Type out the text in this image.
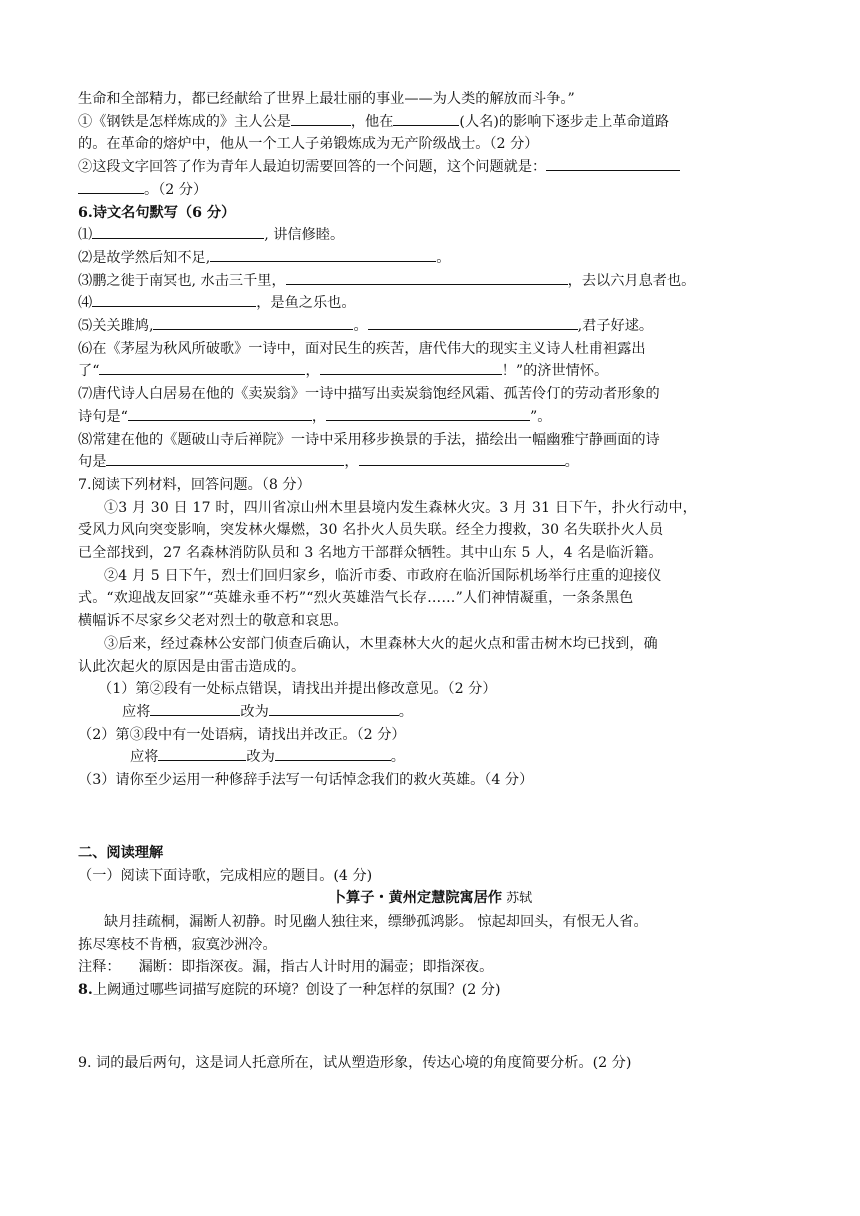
生命和全部精力，都已经献给了世界上最壮丽的事业——为人类的解放而斗争。”
①《钢铁是怎样炼成的》主人公是	，他在	(人名)的影响下逐步走上革命道路
的。在革命的熔炉中，他从一个工人子弟锻炼成为无产阶级战士。（2 分）
②这段文字回答了作为青年人最迫切需要回答的一个问题，这个问题就是：
。（2 分）
6.诗文名句默写（6 分）
⑴	, 讲信修睦。
⑵是故学然后知不足,	。
⑶鹏之徙于南冥也, 水击三千里，	，去以六月息者也。
⑷	，是鱼之乐也。
⑸关关雎鸠,	。	,君子好逑。
⑹在《茅屋为秋风所破歌》一诗中，面对民生的疾苦，唐代伟大的现实主义诗人杜甫袒露出
了“	，	！”的济世情怀。
⑺唐代诗人白居易在他的《卖炭翁》一诗中描写出卖炭翁饱经风霜、孤苦伶仃的劳动者形象的
诗句是“	，	”。
⑻常建在他的《题破山寺后禅院》一诗中采用移步换景的手法，描绘出一幅幽雅宁静画面的诗
句是	，	。
7.阅读下列材料，回答问题。（8 分）
①3 月 30 日 17 时，四川省凉山州木里县境内发生森林火灾。3 月 31 日下午，扑火行动中，
受风力风向突变影响，突发林火爆燃，30 名扑火人员失联。经全力搜救，30 名失联扑火人员
已全部找到，27 名森林消防队员和 3 名地方干部群众牺牲。其中山东 5 人，4 名是临沂籍。
②4 月 5 日下午，烈士们回归家乡，临沂市委、市政府在临沂国际机场举行庄重的迎接仪
式。“欢迎战友回家”“英雄永垂不朽”“烈火英雄浩气长存……”人们神情凝重，一条条黑色
横幅诉不尽家乡父老对烈士的敬意和哀思。
③后来，经过森林公安部门侦查后确认，木里森林大火的起火点和雷击树木均已找到，确
认此次起火的原因是由雷击造成的。
（1）第②段有一处标点错误，请找出并提出修改意见。（2 分）
应将	改为	。
（2）第③段中有一处语病，请找出并改正。（2 分）
应将	改为	。
（3）请你至少运用一种修辞手法写一句话悼念我们的救火英雄。（4 分）
二、阅读理解
（一）阅读下面诗歌，完成相应的题目。(4 分)
卜算子・黄州定慧院寓居作 苏轼
缺月挂疏桐，漏断人初静。时见幽人独往来，缥缈孤鸿影。 惊起却回头，有恨无人省。
拣尽寒枝不肯栖，寂寞沙洲冷。
注释：    漏断：即指深夜。漏，指古人计时用的漏壶；即指深夜。
8.上阙通过哪些词描写庭院的环境？创设了一种怎样的氛围？(2 分)
9. 词的最后两句，这是词人托意所在，试从塑造形象，传达心境的角度简要分析。(2 分)
